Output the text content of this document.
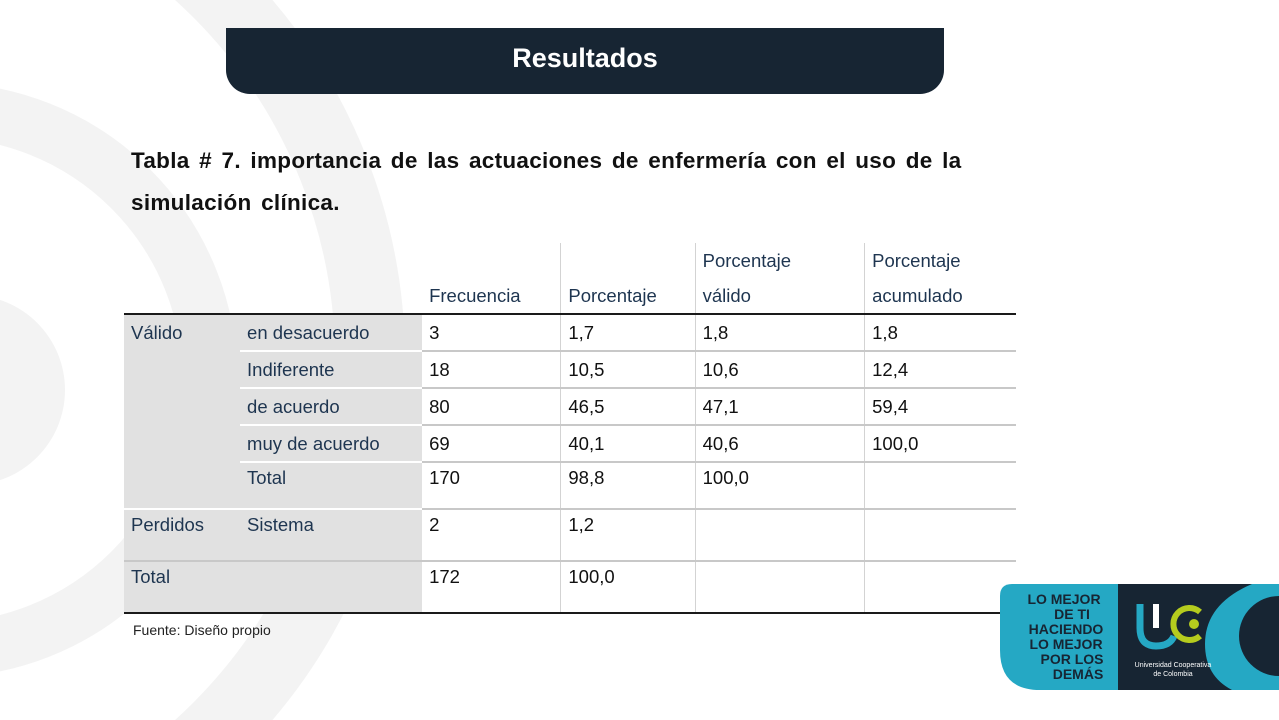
Resultados
Tabla # 7. importancia de las actuaciones de enfermería con el uso de la
simulación clínica.
				Porcentaje	Porcentaje
		Frecuencia	Porcentaje	válido	acumulado
Válido	en desacuerdo	3	1,7	1,8	1,8
	Indiferente	18	10,5	10,6	12,4
	de acuerdo	80	46,5	47,1	59,4
	muy de acuerdo	69	40,1	40,6	100,0
	Total	170	98,8	100,0	
Perdidos	Sistema	2	1,2		
Total		172	100,0		
Fuente: Diseño propio
LO MEJOR
DE TI
HACIENDO
LO MEJOR
POR LOS
DEMÁS
Universidad Cooperativa
de Colombia
